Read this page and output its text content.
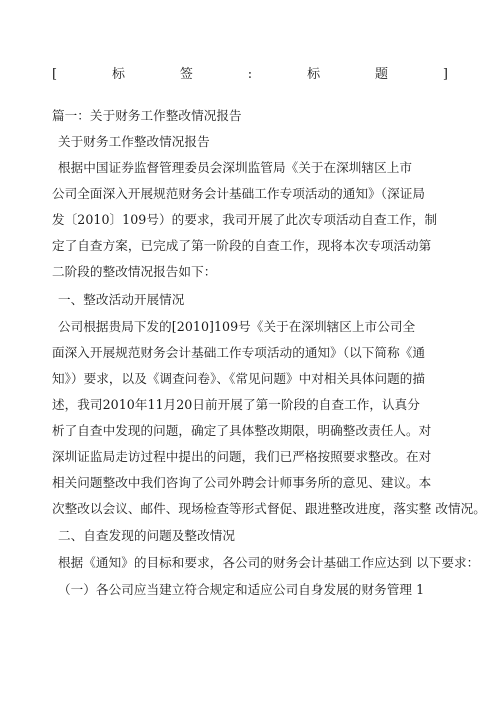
[	标	签	:	标	题	]
篇一：关于财务工作整改情况报告
关于财务工作整改情况报告
根据中国证券监督管理委员会深圳监管局《关于在深圳辖区上市
公司全面深入开展规范财务会计基础工作专项活动的通知》（深证局
发〔2010〕109号）的要求，我司开展了此次专项活动自查工作，制
定了自查方案，已完成了第一阶段的自查工作，现将本次专项活动第
二阶段的整改情况报告如下：
一、整改活动开展情况
公司根据贵局下发的[2010]109号《关于在深圳辖区上市公司全
面深入开展规范财务会计基础工作专项活动的通知》（以下简称《通
知》）要求，以及《调查问卷》、《常见问题》中对相关具体问题的描
述，我司2010年11月20日前开展了第一阶段的自查工作，认真分
析了自查中发现的问题，确定了具体整改期限，明确整改责任人。对
深圳证监局走访过程中提出的问题，我们已严格按照要求整改。在对
相关问题整改中我们咨询了公司外聘会计师事务所的意见、建议。本
次整改以会议、邮件、现场检查等形式督促、跟进整改进度，落实整 改情况。
二、自查发现的问题及整改情况
根据《通知》的目标和要求，各公司的财务会计基础工作应达到 以下要求：
（一）各公司应当建立符合规定和适应公司自身发展的财务管理 1
